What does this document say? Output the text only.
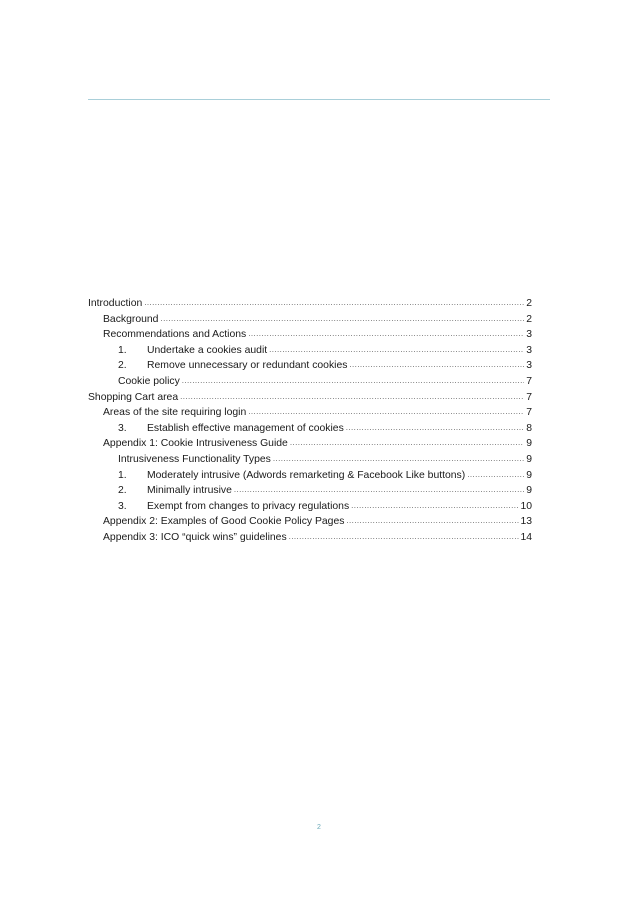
Introduction .....	2
Background .....	2
Recommendations and Actions .....	3
1.	Undertake a cookies audit .....	3
2.	Remove unnecessary or redundant cookies .....	3
Cookie policy .....	7
Shopping Cart area .....	7
Areas of the site requiring login .....	7
3.	Establish effective management of cookies .....	8
Appendix 1: Cookie Intrusiveness Guide .....	9
Intrusiveness Functionality Types .....	9
1.	Moderately intrusive (Adwords remarketing & Facebook Like buttons) .....	9
2.	Minimally intrusive .....	9
3.	Exempt from changes to privacy regulations .....	10
Appendix 2: Examples of Good Cookie Policy Pages .....	13
Appendix 3: ICO “quick wins” guidelines .....	14
2
